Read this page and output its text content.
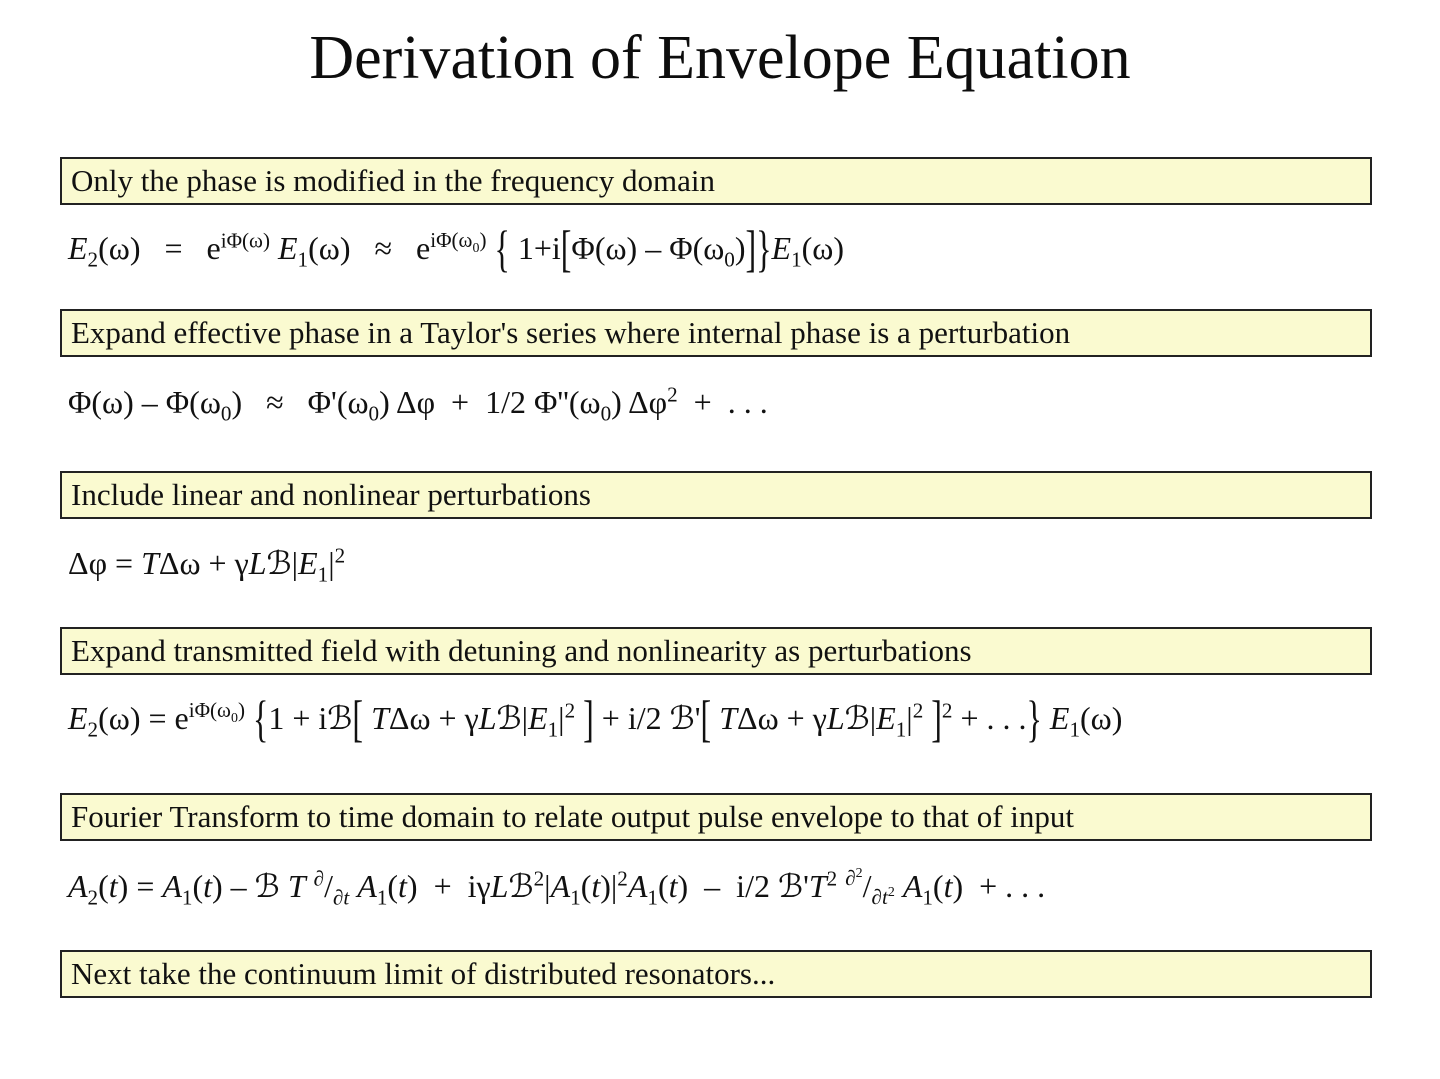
Derivation of Envelope Equation
Only the phase is modified in the frequency domain
$E_2(\omega) = e^{i\Phi(\omega)}$ $E_1(\omega) \approx e^{i\Phi(\omega_0)}$ { $1+i[\Phi(\omega) - \Phi(\omega_0)]\}E_1(\omega)$
Expand effective phase in a Taylor's series where internal phase is a perturbation
$\Phi(\omega) - \Phi(\omega_0) \approx \Phi'(\omega_0) \Delta\varphi + 1/2$ $\Phi''(\omega_0) \Delta\varphi^2$  +  . . .
Include linear and nonlinear perturbations
$\Delta\varphi = T\Delta\omega + \gamma Lℬ|E_1|^2$
Expand transmitted field with detuning and nonlinearity as perturbations
$E_2(\omega) = e^{i\Phi(\omega_0)}$ {1 + iℬ[ $T\Delta\omega + \gamma Lℬ|E_1|^2$ ] + i/2 ℬ'[ $T\Delta\omega + \gamma Lℬ|E_1|^2$ ]$^2$ + . . .} $E_1(\omega)$
Fourier Transform to time domain to relate output pulse envelope to that of input
$A_2(t) = A_1(t)$ – ℬ T $^\partial/_{\partial t}$ $A_1(t)$  +  $i\gamma Lℬ^2|A_1(t)|^2A_1(t) - i/2$ $ℬ'T^2$ $^{\partial^2}/_{\partial t^2}$ $A_1(t)$  + . . .
Next take the continuum limit of distributed resonators...
